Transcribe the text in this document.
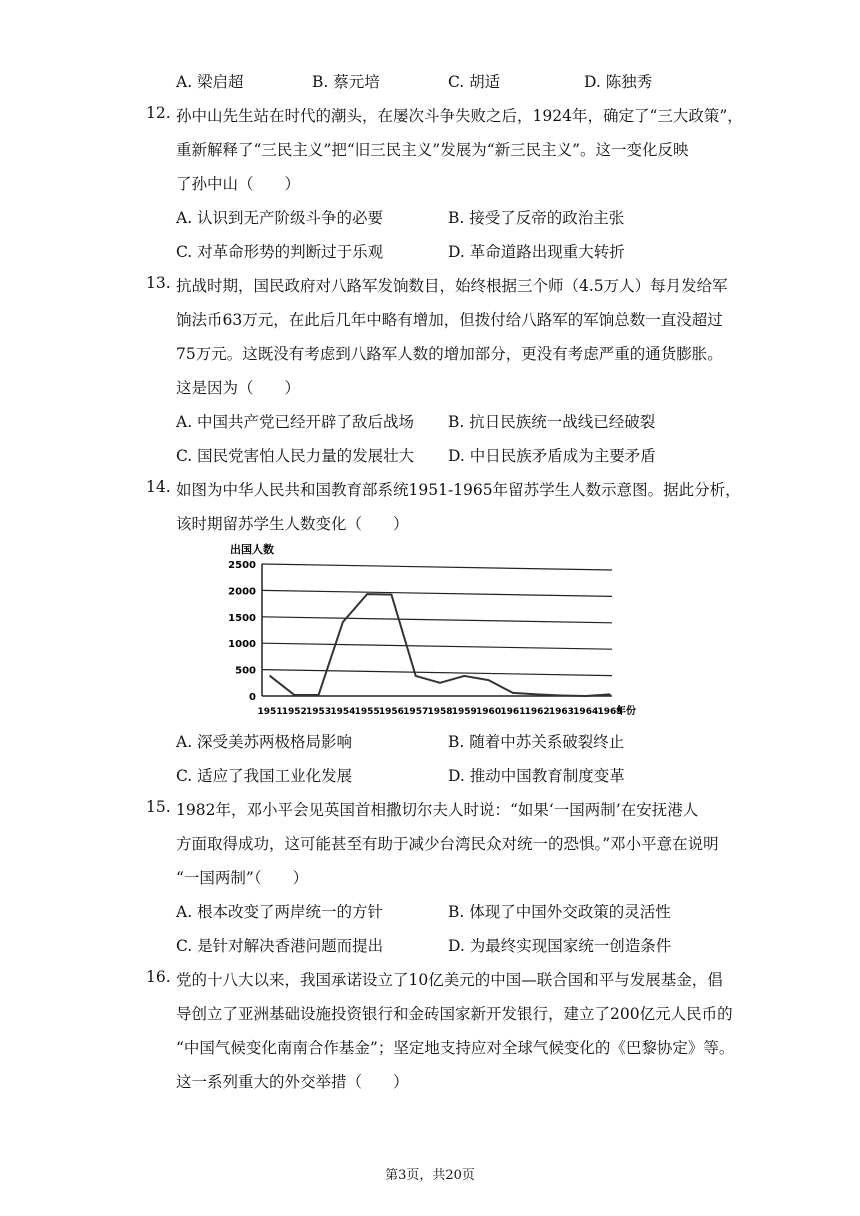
A. 梁启超	B. 蔡元培	C. 胡适	D. 陈独秀
12. 孙中山先生站在时代的潮头，在屡次斗争失败之后，1924年，确定了“三大政策”，
重新解释了“三民主义”把“旧三民主义”发展为“新三民主义”。这一变化反映
了孙中山（　　）
A. 认识到无产阶级斗争的必要	B. 接受了反帝的政治主张
C. 对革命形势的判断过于乐观	D. 革命道路出现重大转折
13. 抗战时期，国民政府对八路军发饷数目，始终根据三个师（4.5万人）每月发给军
饷法币63万元，在此后几年中略有增加，但拨付给八路军的军饷总数一直没超过
75万元。这既没有考虑到八路军人数的增加部分，更没有考虑严重的通货膨胀。
这是因为（　　）
A. 中国共产党已经开辟了敌后战场 B. 抗日民族统一战线已经破裂
C. 国民党害怕人民力量的发展壮大 D. 中日民族矛盾成为主要矛盾
14. 如图为中华人民共和国教育部系统1951-1965年留苏学生人数示意图。据此分析，
该时期留苏学生人数变化（　　）
出国人数
0
500
1000
1500
2000
2500
1951 1952 1953 1954 1955 1956 1957 1958 1959 1960 1961 1962 1963 1964 1965
年份
A. 深受美苏两极格局影响	B. 随着中苏关系破裂终止
C. 适应了我国工业化发展	D. 推动中国教育制度变革
15. 1982年，邓小平会见英国首相撒切尔夫人时说：“如果‘一国两制’在安抚港人
方面取得成功，这可能甚至有助于减少台湾民众对统一的恐惧。”邓小平意在说明
“一国两制”（　　）
A. 根本改变了两岸统一的方针	B. 体现了中国外交政策的灵活性
C. 是针对解决香港问题而提出	D. 为最终实现国家统一创造条件
16. 党的十八大以来，我国承诺设立了10亿美元的中国—联合国和平与发展基金，倡
导创立了亚洲基础设施投资银行和金砖国家新开发银行，建立了200亿元人民币的
“中国气候变化南南合作基金”；坚定地支持应对全球气候变化的《巴黎协定》等。
这一系列重大的外交举措（　　）
第3页，共20页
